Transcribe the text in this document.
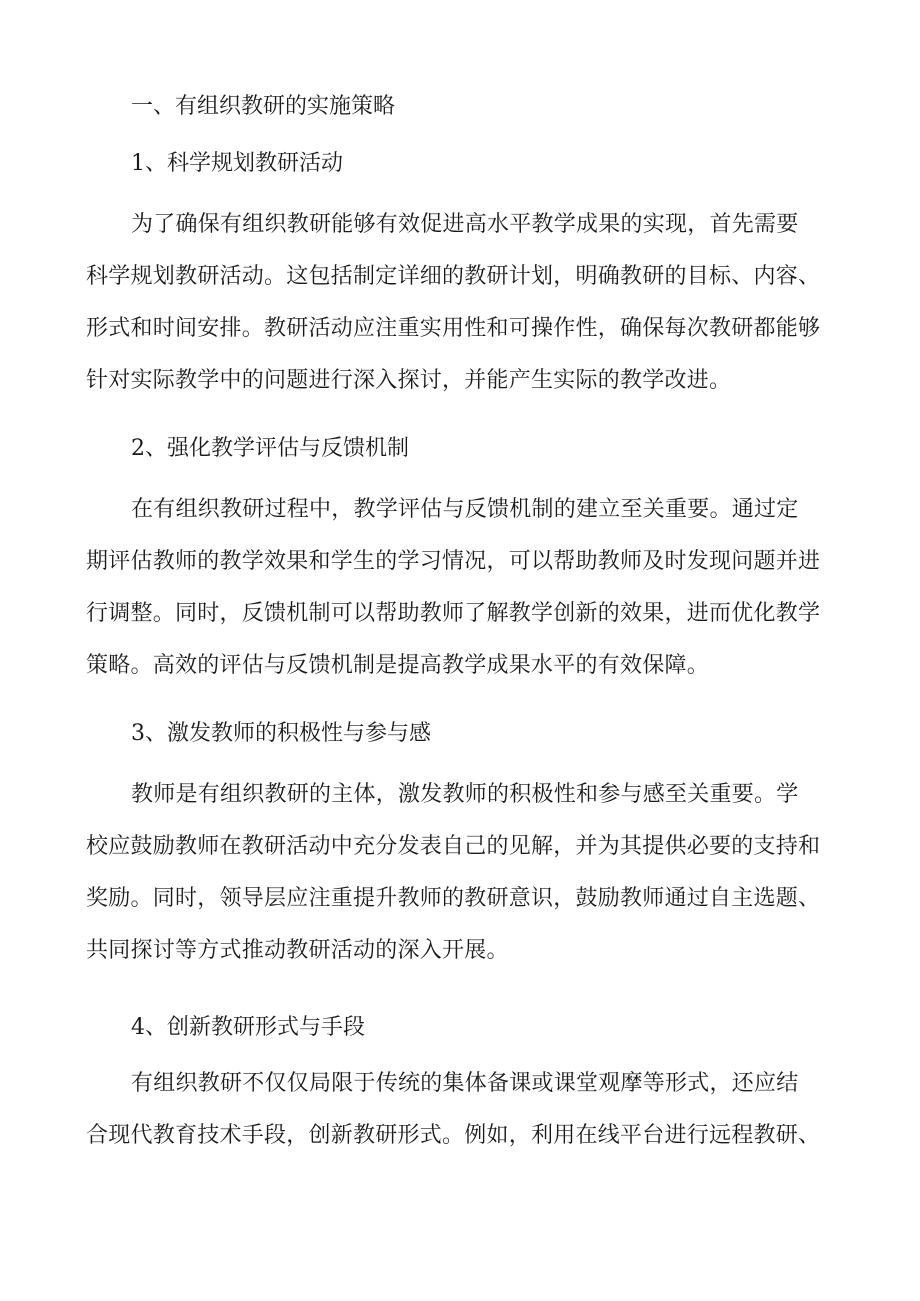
一、有组织教研的实施策略
1、科学规划教研活动

为了确保有组织教研能够有效促进高水平教学成果的实现，首先需要

科学规划教研活动。这包括制定详细的教研计划，明确教研的目标、内容、

形式和时间安排。教研活动应注重实用性和可操作性，确保每次教研都能够

针对实际教学中的问题进行深入探讨，并能产生实际的教学改进。

2、强化教学评估与反馈机制

在有组织教研过程中，教学评估与反馈机制的建立至关重要。通过定

期评估教师的教学效果和学生的学习情况，可以帮助教师及时发现问题并进

行调整。同时，反馈机制可以帮助教师了解教学创新的效果，进而优化教学

策略。高效的评估与反馈机制是提高教学成果水平的有效保障。

3、激发教师的积极性与参与感

教师是有组织教研的主体，激发教师的积极性和参与感至关重要。学

校应鼓励教师在教研活动中充分发表自己的见解，并为其提供必要的支持和

奖励。同时，领导层应注重提升教师的教研意识，鼓励教师通过自主选题、

共同探讨等方式推动教研活动的深入开展。

4、创新教研形式与手段

有组织教研不仅仅局限于传统的集体备课或课堂观摩等形式，还应结

合现代教育技术手段，创新教研形式。例如，利用在线平台进行远程教研、
